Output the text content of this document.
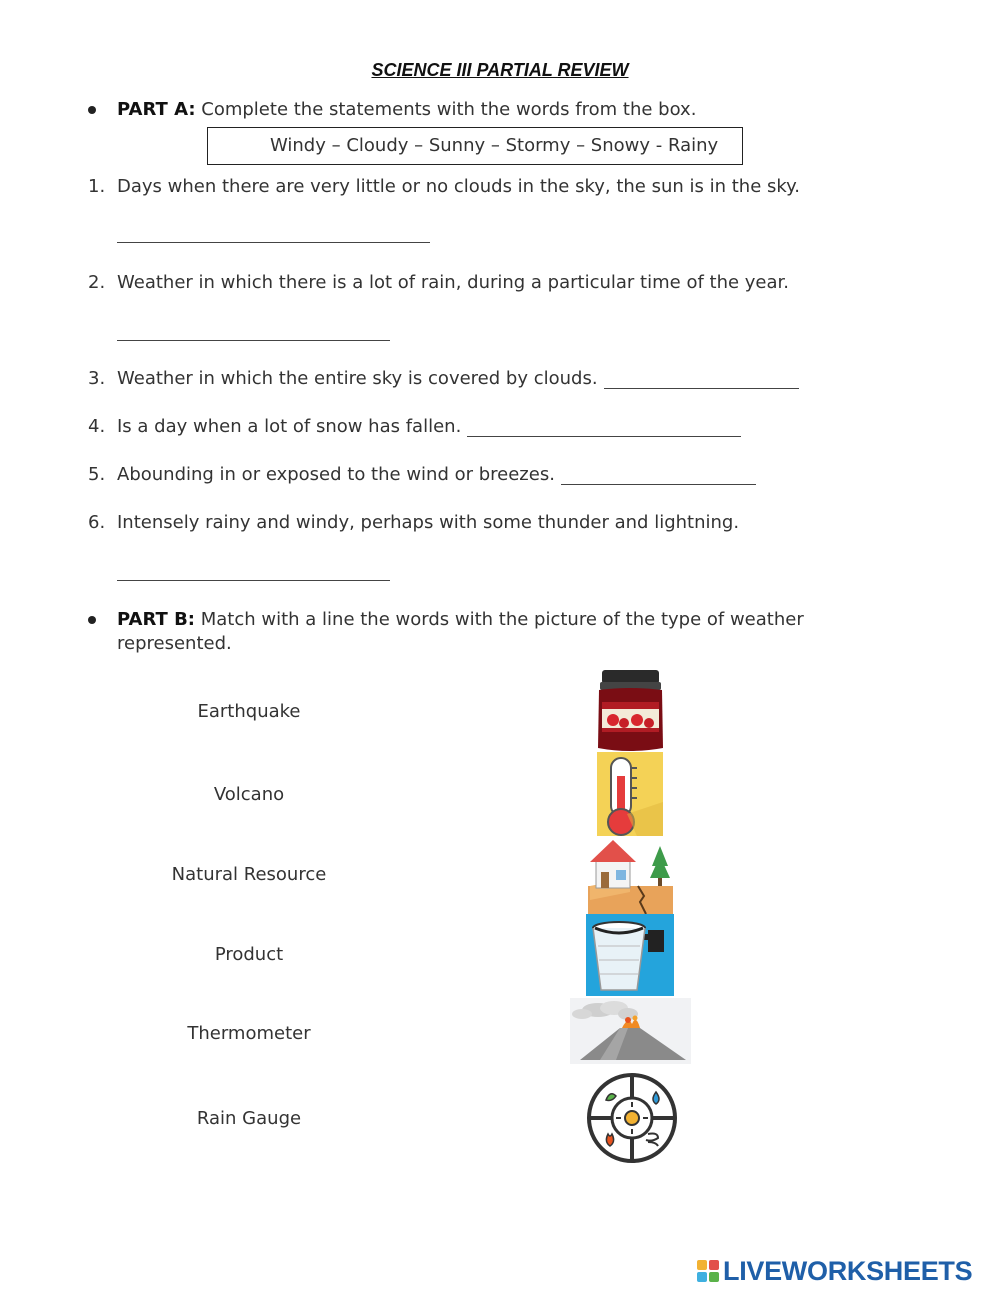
SCIENCE III PARTIAL REVIEW
PART A: Complete the statements with the words from the box.
Windy – Cloudy – Sunny – Stormy – Snowy - Rainy
1. Days when there are very little or no clouds in the sky, the sun is in the sky.
2. Weather in which there is a lot of rain, during a particular time of the year.
3. Weather in which the entire sky is covered by clouds.
4. Is a day when a lot of snow has fallen.
5. Abounding in or exposed to the wind or breezes.
6. Intensely rainy and windy, perhaps with some thunder and lightning.
PART B: Match with a line the words with the picture of the type of weather represented.
Earthquake
Volcano
Natural Resource
Product
Thermometer
Rain Gauge
LIVEWORKSHEETS
